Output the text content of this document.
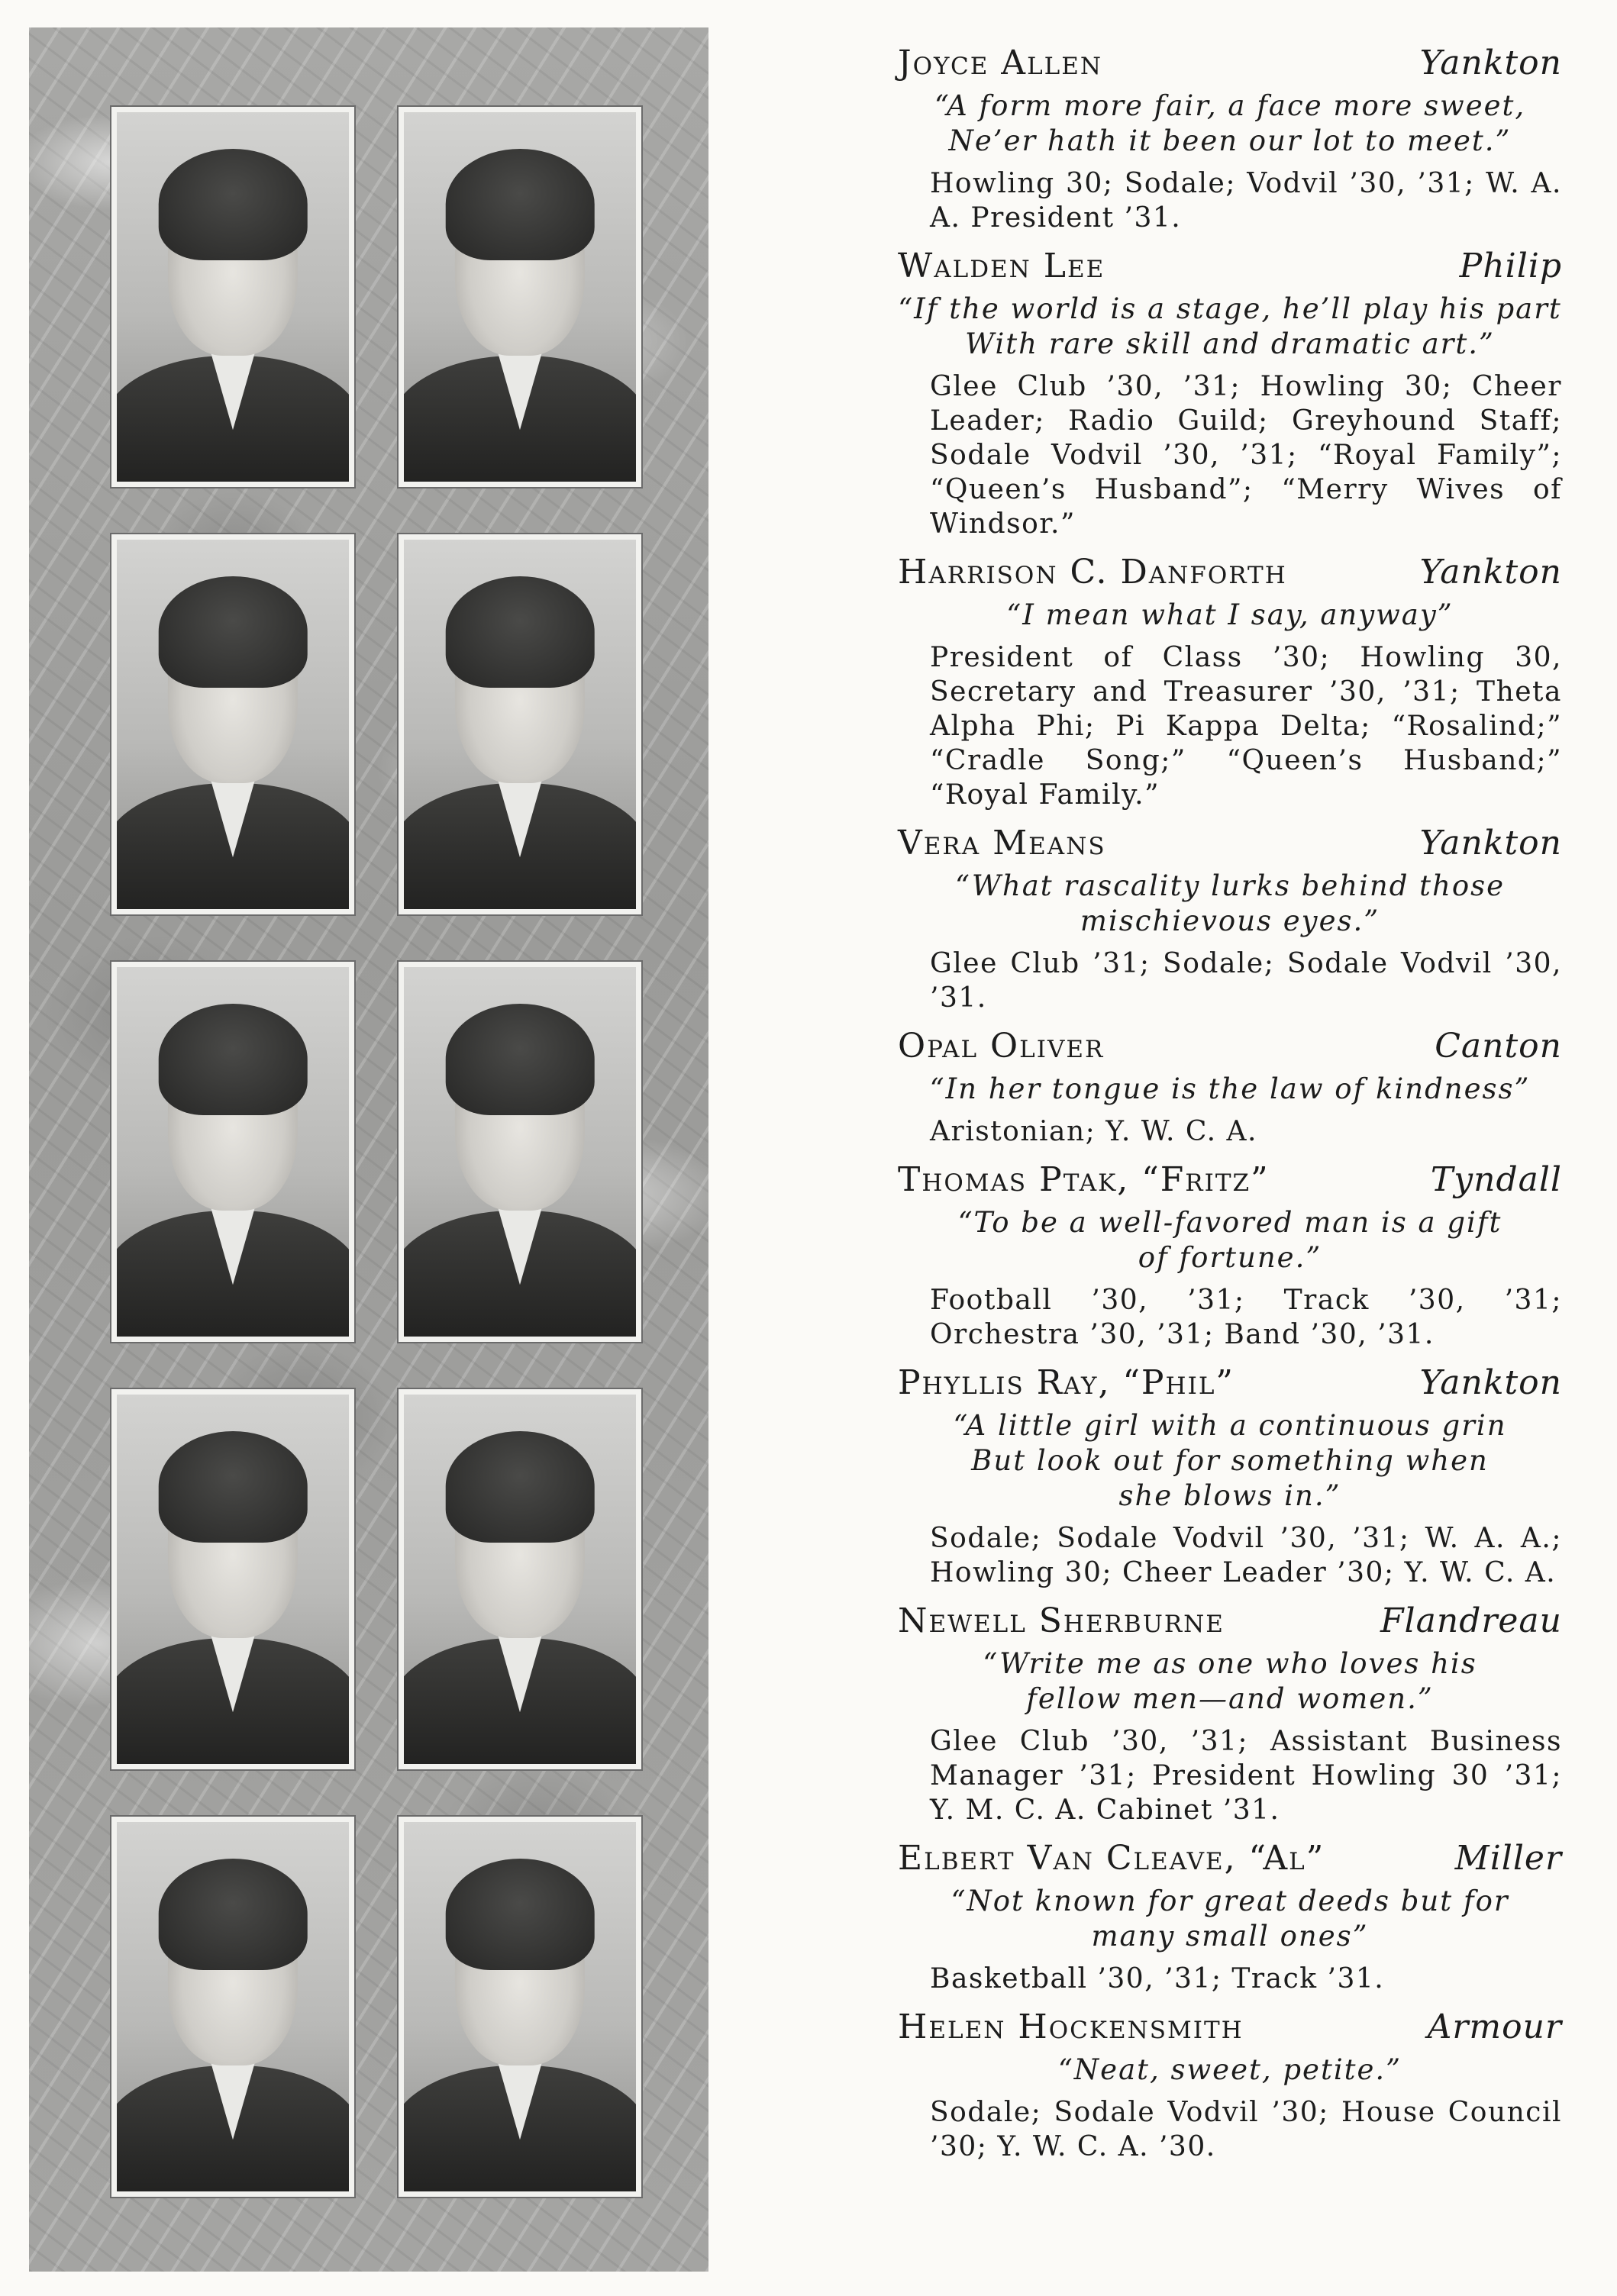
Joyce Allen	Yankton
“A form more fair, a face more sweet,
Ne’er hath it been our lot to meet.”
Howling 30; Sodale; Vodvil ’30, ’31; W. A. A. President ’31.
Walden Lee	Philip
“If the world is a stage, he’ll play his part
With rare skill and dramatic art.”
Glee Club ’30, ’31; Howling 30; Cheer Leader; Radio Guild; Greyhound Staff; Sodale Vodvil ’30, ’31; “Royal Family”; “Queen’s Husband”; “Merry Wives of Windsor.”
Harrison C. Danforth	Yankton
“I mean what I say, anyway”
President of Class ’30; Howling 30, Secretary and Treasurer ’30, ’31; Theta Alpha Phi; Pi Kappa Delta; “Rosalind;” “Cradle Song;” “Queen’s Husband;” “Royal Family.”
Vera Means	Yankton
“What rascality lurks behind those
mischievous eyes.”
Glee Club ’31; Sodale; Sodale Vodvil ’30, ’31.
Opal Oliver	Canton
“In her tongue is the law of kindness”
Aristonian; Y. W. C. A.
Thomas Ptak, “Fritz”	Tyndall
“To be a well-favored man is a gift
of fortune.”
Football ’30, ’31; Track ’30, ’31; Orchestra ’30, ’31; Band ’30, ’31.
Phyllis Ray, “Phil”	Yankton
“A little girl with a continuous grin
But look out for something when
she blows in.”
Sodale; Sodale Vodvil ’30, ’31; W. A. A.; Howling 30; Cheer Leader ’30; Y. W. C. A.
Newell Sherburne	Flandreau
“Write me as one who loves his
fellow men—and women.”
Glee Club ’30, ’31; Assistant Business Manager ’31; President Howling 30 ’31; Y. M. C. A. Cabinet ’31.
Elbert Van Cleave, “Al”	Miller
“Not known for great deeds but for
many small ones”
Basketball ’30, ’31; Track ’31.
Helen Hockensmith	Armour
“Neat, sweet, petite.”
Sodale; Sodale Vodvil ’30; House Council ’30; Y. W. C. A. ’30.
